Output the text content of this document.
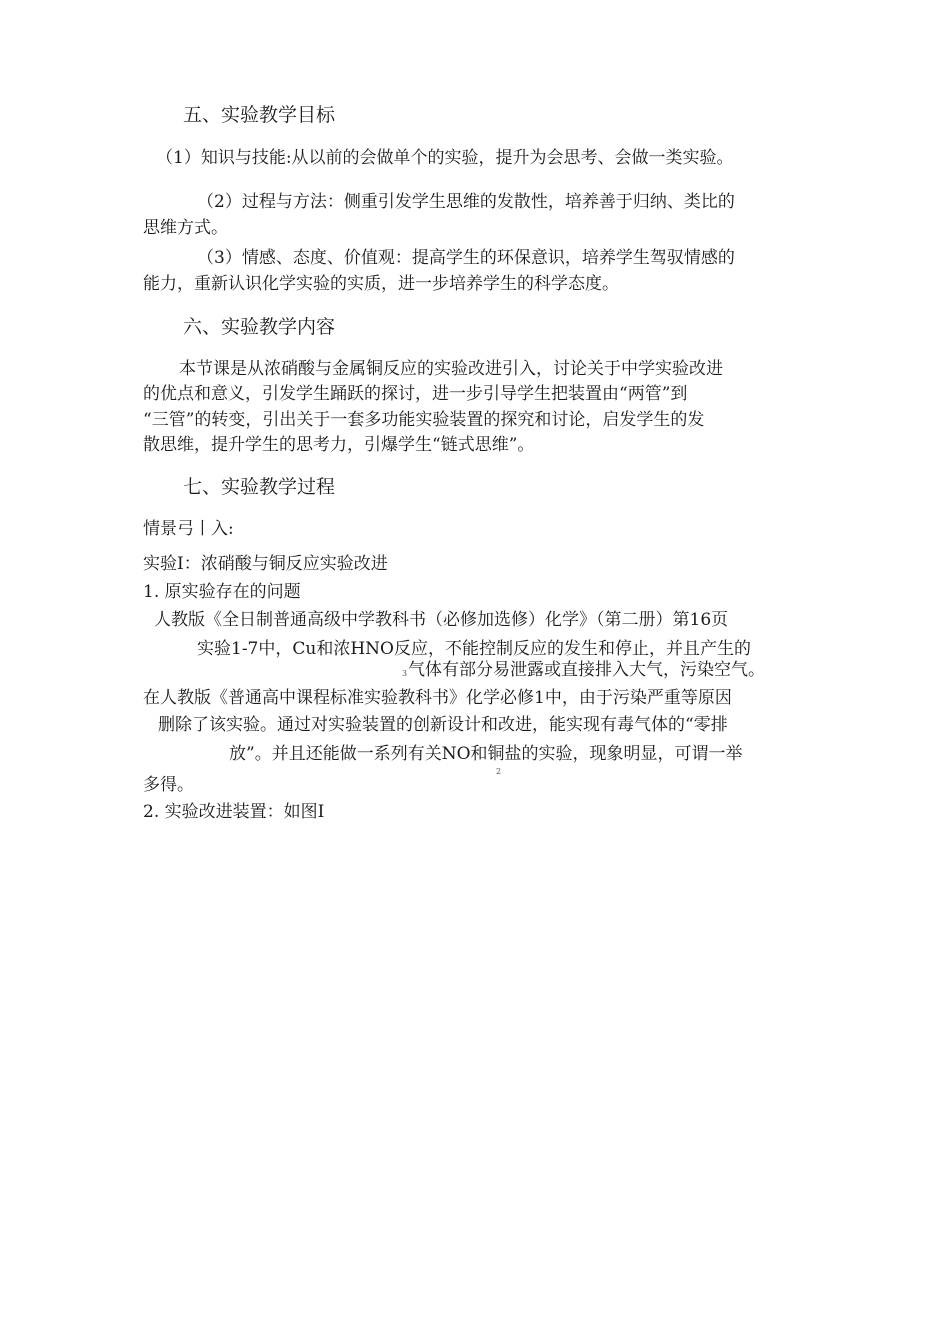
五、实验教学目标
（1）知识与技能:从以前的会做单个的实验，提升为会思考、会做一类实验。
（2）过程与方法：侧重引发学生思维的发散性，培养善于归纳、类比的
思维方式。
（3）情感、态度、价值观：提高学生的环保意识，培养学生驾驭情感的
能力，重新认识化学实验的实质，进一步培养学生的科学态度。
六、实验教学内容
本节课是从浓硝酸与金属铜反应的实验改进引入，讨论关于中学实验改进
的优点和意义，引发学生踊跃的探讨，进一步引导学生把装置由“两管”到
“三管”的转变，引出关于一套多功能实验装置的探究和讨论，启发学生的发
散思维，提升学生的思考力，引爆学生“链式思维”。
七、实验教学过程
情景弓丨入:
实验I：浓硝酸与铜反应实验改进
1. 原实验存在的问题
人教版《全日制普通高级中学教科书（必修加选修）化学》（第二册）第16页
实验1-7中，Cu和浓HNO反应，不能控制反应的发生和停止，并且产生的
3 气体有部分易泄露或直接排入大气，污染空气。
在人教版《普通高中课程标准实验教科书》化学必修1中，由于污染严重等原因
删除了该实验。通过对实验装置的创新设计和改进，能实现有毒气体的“零排
放”。并且还能做一系列有关NO和铜盐的实验，现象明显，可谓一举
2
多得。
2. 实验改进装置：如图I
